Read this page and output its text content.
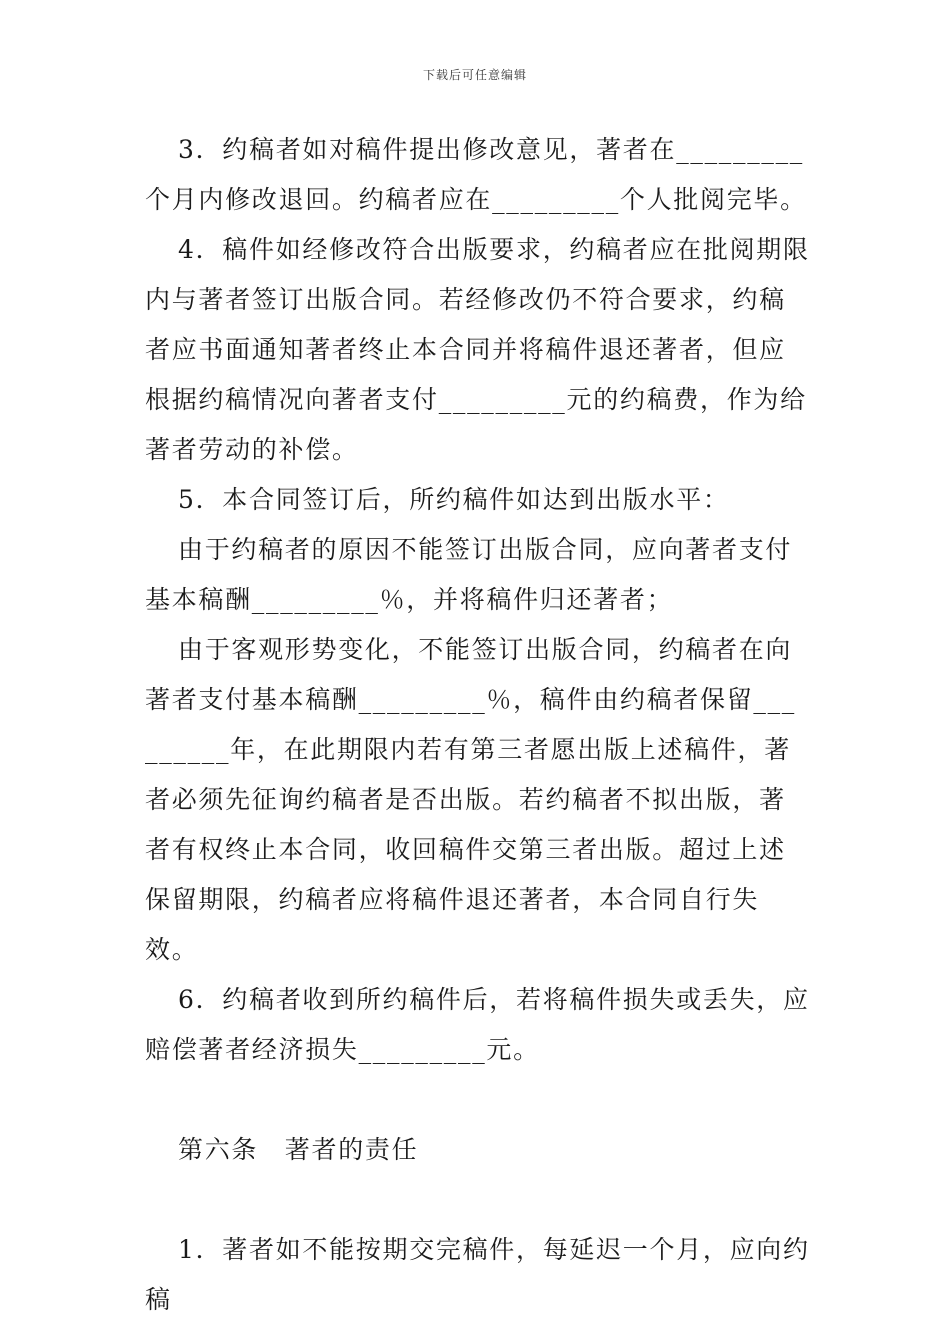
下载后可任意编辑

3．约稿者如对稿件提出修改意见，著者在_________个月内修改退回。约稿者应在_________个人批阅完毕。

4．稿件如经修改符合出版要求，约稿者应在批阅期限内与著者签订出版合同。若经修改仍不符合要求，约稿者应书面通知著者终止本合同并将稿件退还著者，但应根据约稿情况向著者支付_________元的约稿费，作为给著者劳动的补偿。

5．本合同签订后，所约稿件如达到出版水平：

由于约稿者的原因不能签订出版合同，应向著者支付基本稿酬_________％，并将稿件归还著者；

由于客观形势变化，不能签订出版合同，约稿者在向著者支付基本稿酬_________％，稿件由约稿者保留_________年，在此期限内若有第三者愿出版上述稿件，著者必须先征询约稿者是否出版。若约稿者不拟出版，著者有权终止本合同，收回稿件交第三者出版。超过上述保留期限，约稿者应将稿件退还著者，本合同自行失效。

6．约稿者收到所约稿件后，若将稿件损失或丢失，应赔偿著者经济损失_________元。

第六条　著者的责任

1．著者如不能按期交完稿件，每延迟一个月，应向约稿
